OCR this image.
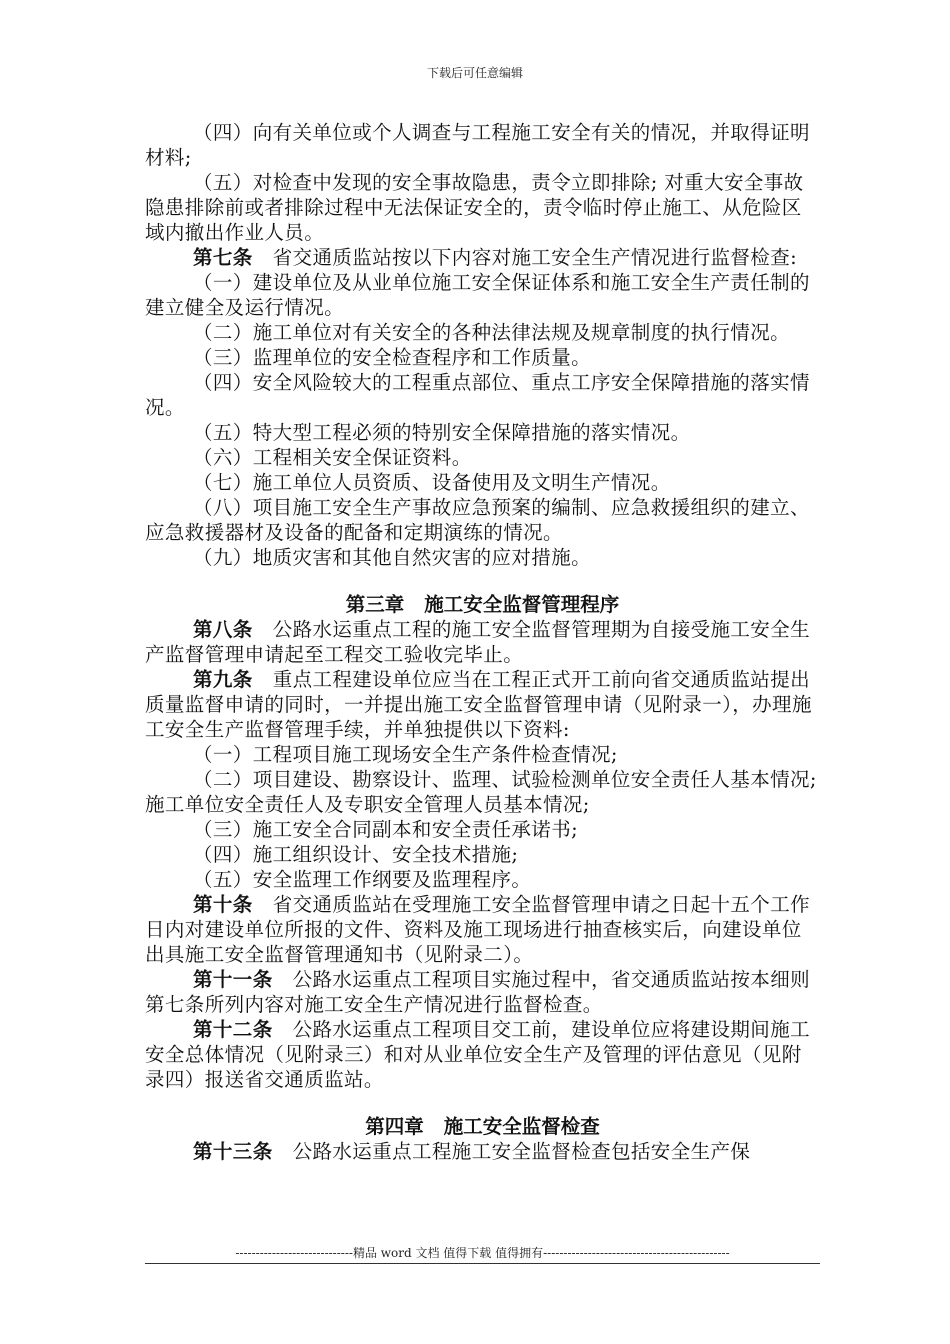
下载后可任意编辑

（四）向有关单位或个人调查与工程施工安全有关的情况，并取得证明材料;

（五）对检查中发现的安全事故隐患，责令立即排除; 对重大安全事故隐患排除前或者排除过程中无法保证安全的，责令临时停止施工、从危险区域内撤出作业人员。

第七条 省交通质监站按以下内容对施工安全生产情况进行监督检查:

（一）建设单位及从业单位施工安全保证体系和施工安全生产责任制的建立健全及运行情况。

（二）施工单位对有关安全的各种法律法规及规章制度的执行情况。

（三）监理单位的安全检查程序和工作质量。

（四）安全风险较大的工程重点部位、重点工序安全保障措施的落实情况。

（五）特大型工程必须的特别安全保障措施的落实情况。

（六）工程相关安全保证资料。

（七）施工单位人员资质、设备使用及文明生产情况。

（八）项目施工安全生产事故应急预案的编制、应急救援组织的建立、应急救援器材及设备的配备和定期演练的情况。

（九）地质灾害和其他自然灾害的应对措施。

第三章 施工安全监督管理程序

第八条 公路水运重点工程的施工安全监督管理期为自接受施工安全生产监督管理申请起至工程交工验收完毕止。

第九条 重点工程建设单位应当在工程正式开工前向省交通质监站提出质量监督申请的同时，一并提出施工安全监督管理申请（见附录一），办理施工安全生产监督管理手续，并单独提供以下资料:

（一）工程项目施工现场安全生产条件检查情况;

（二）项目建设、勘察设计、监理、试验检测单位安全责任人基本情况; 施工单位安全责任人及专职安全管理人员基本情况;

（三）施工安全合同副本和安全责任承诺书;

（四）施工组织设计、安全技术措施;

（五）安全监理工作纲要及监理程序。

第十条 省交通质监站在受理施工安全监督管理申请之日起十五个工作日内对建设单位所报的文件、资料及施工现场进行抽查核实后，向建设单位出具施工安全监督管理通知书（见附录二）。

第十一条 公路水运重点工程项目实施过程中，省交通质监站按本细则第七条所列内容对施工安全生产情况进行监督检查。

第十二条 公路水运重点工程项目交工前，建设单位应将建设期间施工安全总体情况（见附录三）和对从业单位安全生产及管理的评估意见（见附录四）报送省交通质监站。

第四章 施工安全监督检查

第十三条 公路水运重点工程施工安全监督检查包括安全生产保

-----------------------------精品 word 文档 值得下载 值得拥有----------------------------------------------
